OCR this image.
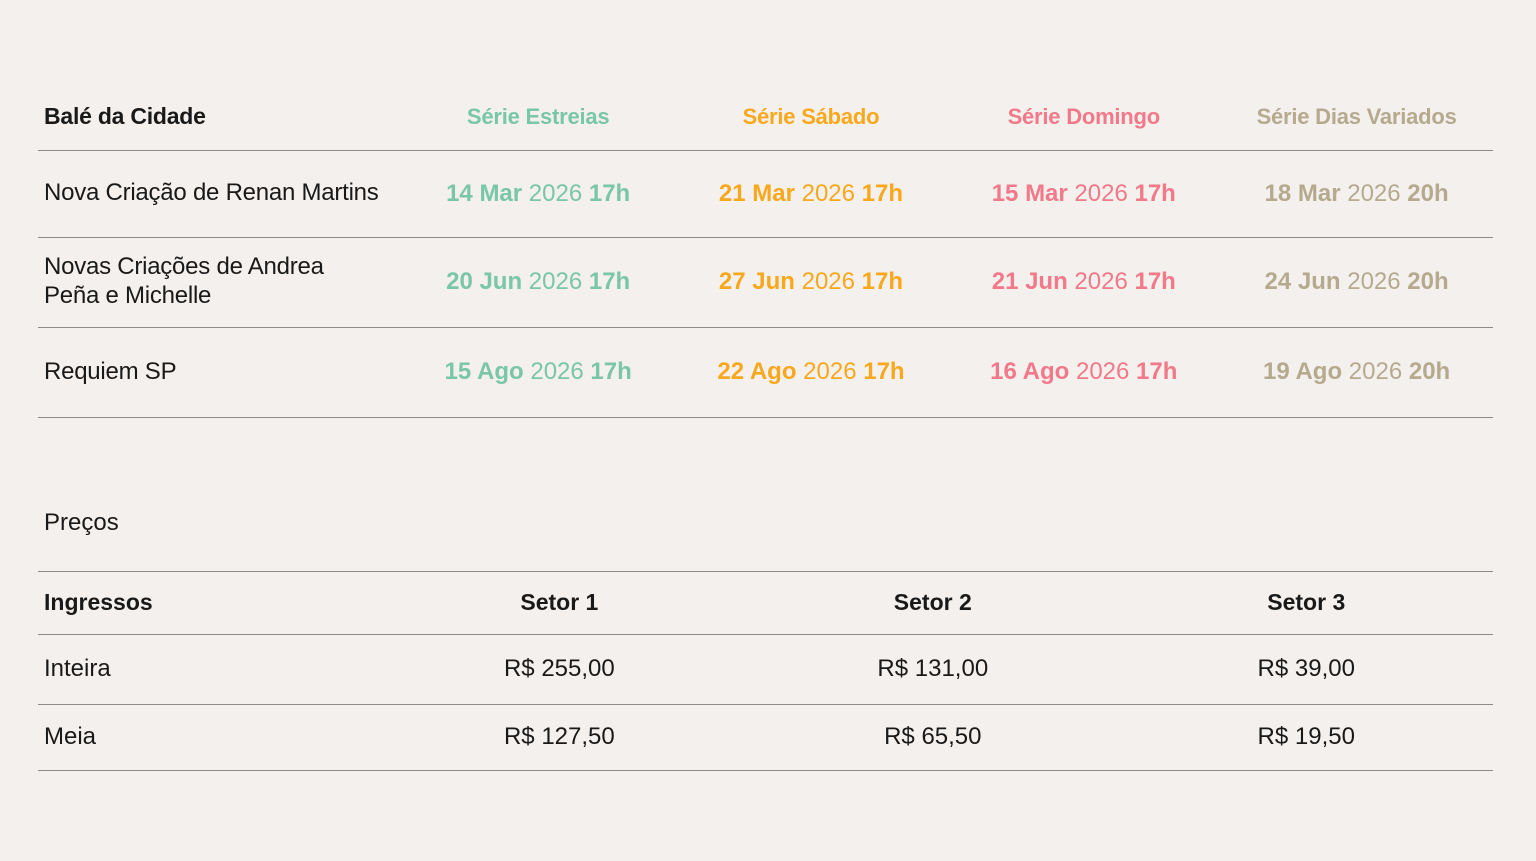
Balé da Cidade	Série Estreias	Série Sábado	Série Domingo	Série Dias Variados

Nova Criação de Renan Martins	14 Mar 2026 17h	21 Mar 2026 17h	15 Mar 2026 17h	18 Mar 2026 20h

Novas Criações de Andrea
Peña e Michelle	20 Jun 2026 17h	27 Jun 2026 17h	21 Jun 2026 17h	24 Jun 2026 20h

Requiem SP	15 Ago 2026 17h	22 Ago 2026 17h	16 Ago 2026 17h	19 Ago 2026 20h
Preços
Ingressos	Setor 1	Setor 2	Setor 3
Inteira	R$ 255,00	R$ 131,00	R$ 39,00
Meia	R$ 127,50	R$ 65,50	R$ 19,50
